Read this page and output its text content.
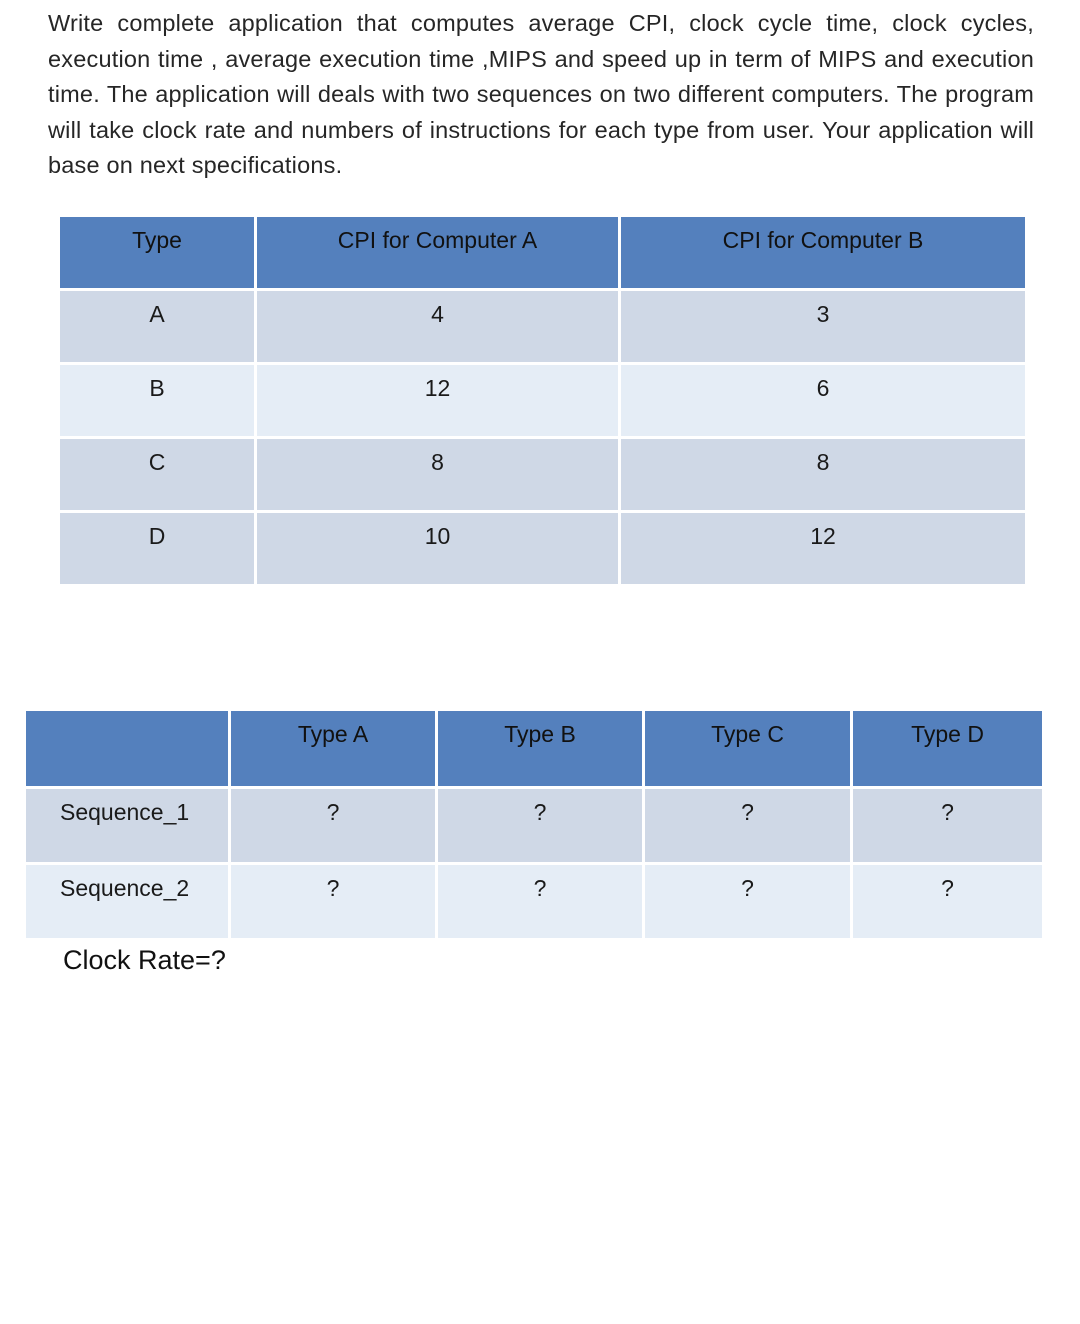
Write complete application that computes average CPI, clock cycle time, clock cycles, execution time , average execution time ,MIPS and speed up in term of MIPS and execution time. The application will deals with two sequences on two different computers. The program will take clock rate and numbers of instructions for each type from user. Your application will base on next specifications.

Type	CPI for Computer A	CPI for Computer B
A	4	3
B	12	6
C	8	8
D	10	12
	Type A	Type B	Type C	Type D
Sequence_1	?	?	?	?
Sequence_2	?	?	?	?
Clock Rate=?
